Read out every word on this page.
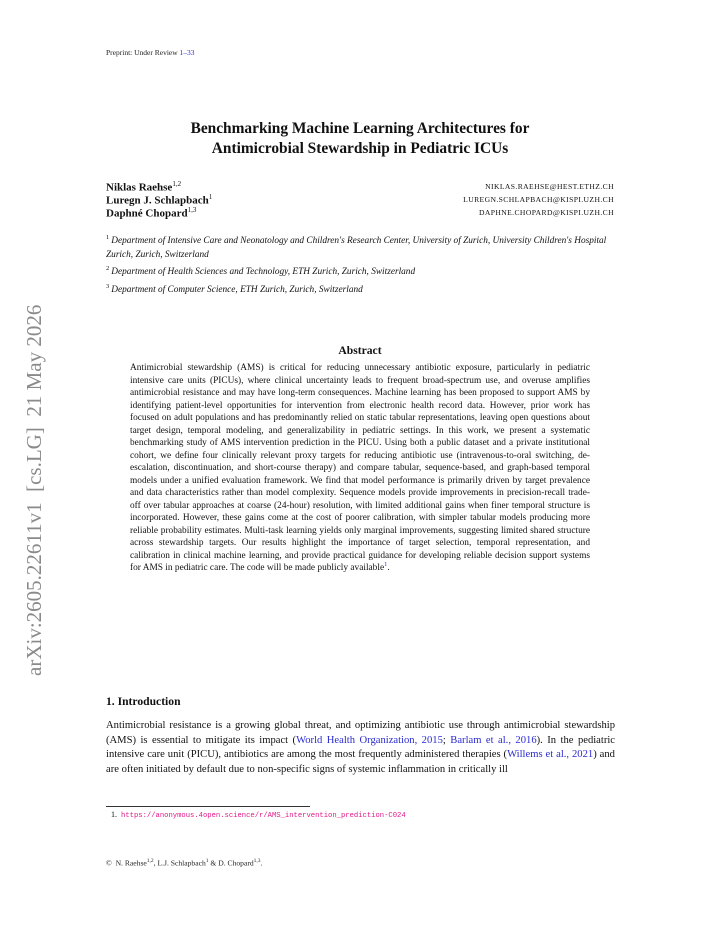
Preprint: Under Review 1–33
Benchmarking Machine Learning Architectures for
Antimicrobial Stewardship in Pediatric ICUs
Niklas Raehse$^{1,2}$	NIKLAS.RAEHSE@HEST.ETHZ.CH
Luregn J. Schlapbach$^1$	LUREGN.SCHLAPBACH@KISPI.UZH.CH
Daphné Chopard$^{1,3}$	DAPHNE.CHOPARD@KISPI.UZH.CH
$^1$ Department of Intensive Care and Neonatology and Children's Research Center, University of Zurich, University Children's Hospital Zurich, Zurich, Switzerland
$^2$ Department of Health Sciences and Technology, ETH Zurich, Zurich, Switzerland
$^3$ Department of Computer Science, ETH Zurich, Zurich, Switzerland
arXiv:2605.22611v1  [cs.LG]  21 May 2026	Abstract
Antimicrobial stewardship (AMS) is critical for reducing unnecessary antibiotic exposure, particularly in pediatric intensive care units (PICUs), where clinical uncertainty leads to frequent broad-spectrum use, and overuse amplifies antimicrobial resistance and may have long-term consequences. Machine learning has been proposed to support AMS by identifying patient-level opportunities for intervention from electronic health record data. However, prior work has focused on adult populations and has predominantly relied on static tabular representations, leaving open questions about target design, temporal modeling, and generalizability in pediatric settings. In this work, we present a systematic benchmarking study of AMS intervention prediction in the PICU. Using both a public dataset and a private institutional cohort, we define four clinically relevant proxy targets for reducing antibiotic use (intravenous-to-oral switching, de-escalation, discontinuation, and short-course therapy) and compare tabular, sequence-based, and graph-based temporal models under a unified evaluation framework. We find that model performance is primarily driven by target prevalence and data characteristics rather than model complexity. Sequence models provide improvements in precision-recall trade-off over tabular approaches at coarse (24-hour) resolution, with limited additional gains when finer temporal structure is incorporated. However, these gains come at the cost of poorer calibration, with simpler tabular models producing more reliable probability estimates. Multi-task learning yields only marginal improvements, suggesting limited shared structure across stewardship targets. Our results highlight the importance of target selection, temporal representation, and calibration in clinical machine learning, and provide practical guidance for developing reliable decision support systems for AMS in pediatric care. The code will be made publicly available$^1$.
1. Introduction
Antimicrobial resistance is a growing global threat, and optimizing antibiotic use through antimicrobial stewardship (AMS) is essential to mitigate its impact (World Health Organization, 2015; Barlam et al., 2016). In the pediatric intensive care unit (PICU), antibiotics are among the most frequently administered therapies (Willems et al., 2021) and are often initiated by default due to non-specific signs of systemic inflammation in critically ill
1. https://anonymous.4open.science/r/AMS_intervention_prediction-C024
© N. Raehse$^{1,2}$, L.J. Schlapbach$^1$ & D. Chopard$^{1,3}$.
